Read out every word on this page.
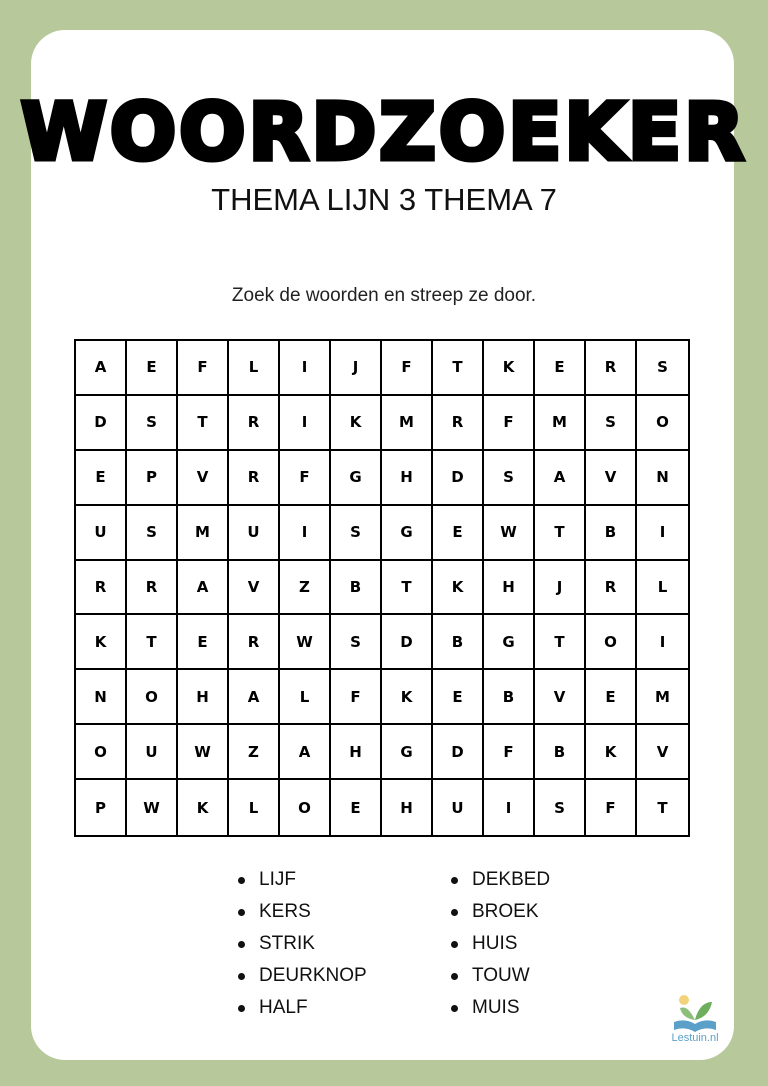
WOORDZOEKER
THEMA LIJN 3 THEMA 7
Zoek de woorden en streep ze door.
A	E	F	L	I	J	F	T	K	E	R	S
D	S	T	R	I	K	M	R	F	M	S	O
E	P	V	R	F	G	H	D	S	A	V	N
U	S	M	U	I	S	G	E	W	T	B	I
R	R	A	V	Z	B	T	K	H	J	R	L
K	T	E	R	W	S	D	B	G	T	O	I
N	O	H	A	L	F	K	E	B	V	E	M
O	U	W	Z	A	H	G	D	F	B	K	V
P	W	K	L	O	E	H	U	I	S	F	T
LIJF
KERS
STRIK
DEURKNOP
HALF
DEKBED
BROEK
HUIS
TOUW
MUIS
Lestuin.nl
